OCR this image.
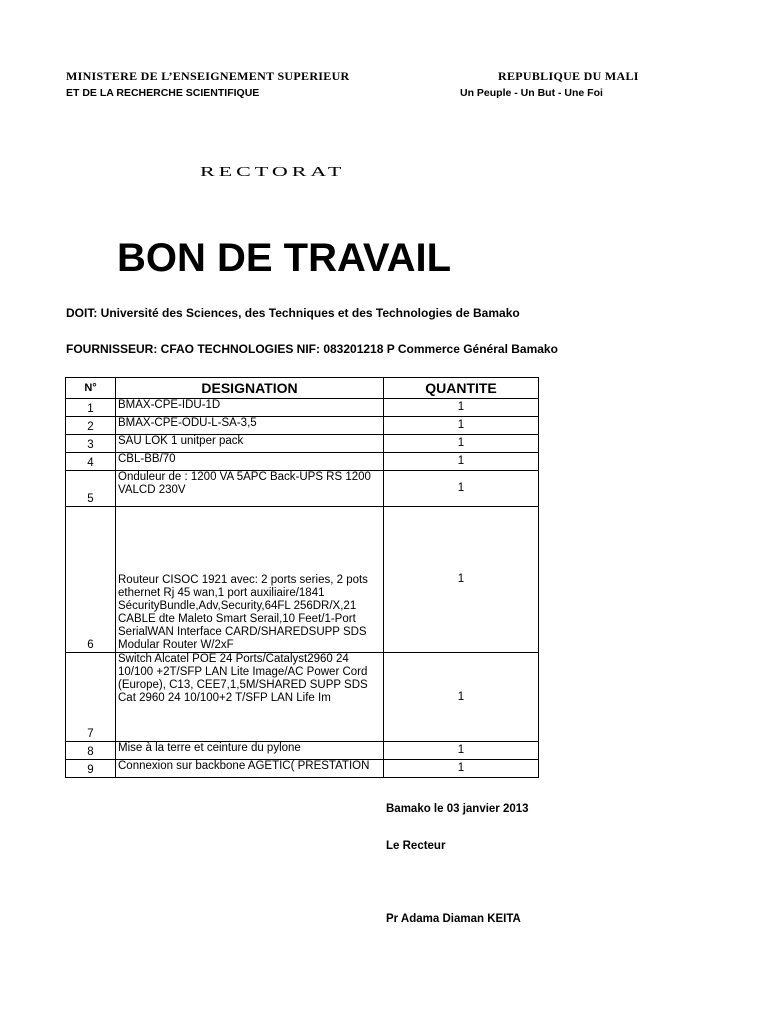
MINISTERE DE L’ENSEIGNEMENT SUPERIEUR
ET DE LA RECHERCHE SCIENTIFIQUE
REPUBLIQUE DU MALI
Un Peuple - Un But - Une Foi
RECTORAT
BON DE TRAVAIL
DOIT: Université des Sciences, des Techniques et des Technologies de Bamako
FOURNISSEUR: CFAO TECHNOLOGIES NIF: 083201218 P Commerce Général Bamako
N°	DESIGNATION	QUANTITE
1	BMAX-CPE-IDU-1D	1
2	BMAX-CPE-ODU-L-SA-3,5	1
3	SAU LOK 1 unitper pack	1
4	CBL-BB/70	1
5	Onduleur de : 1200 VA 5APC Back-UPS RS 1200 VALCD 230V	1
6	Routeur CISOC 1921 avec: 2 ports series, 2 pots ethernet Rj 45 wan,1 port auxiliaire/1841 SécurityBundle,Adv,Security,64FL 256DR/X,21 CABLE dte Maleto Smart Serail,10 Feet/1-Port SerialWAN Interface CARD/SHAREDSUPP SDS Modular Router W/2xF	1
7	Switch Alcatel POE 24 Ports/Catalyst2960 24 10/100 +2T/SFP LAN Lite Image/AC Power Cord (Europe), C13, CEE7,1,5M/SHARED SUPP SDS Cat 2960 24 10/100+2 T/SFP LAN Life Im	1
8	Mise à la terre et ceinture du pylone	1
9	Connexion sur backbone AGETIC( PRESTATION	1
Bamako le 03 janvier 2013
Le Recteur
Pr Adama Diaman KEITA
